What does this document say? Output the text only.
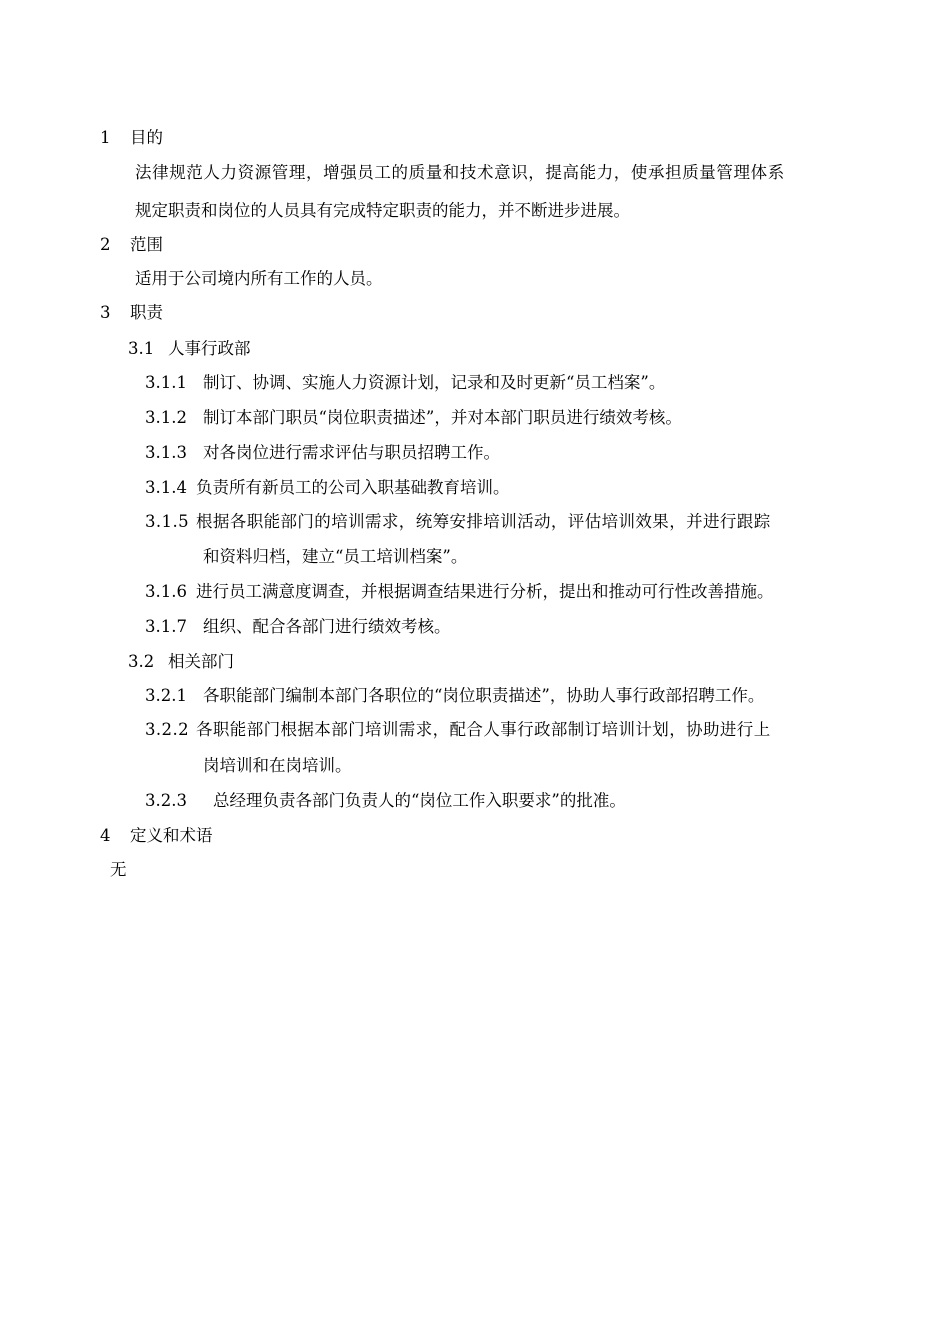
1 目的
法律规范人力资源管理，增强员工的质量和技术意识，提高能力，使承担质量管理体系
规定职责和岗位的人员具有完成特定职责的能力，并不断进步进展。
2 范围
适用于公司境内所有工作的人员。
3 职责
3.1 人事行政部
3.1.1 制订、协调、实施人力资源计划，记录和及时更新“员工档案”。
3.1.2 制订本部门职员“岗位职责描述”，并对本部门职员进行绩效考核。
3.1.3 对各岗位进行需求评估与职员招聘工作。
3.1.4 负责所有新员工的公司入职基础教育培训。
3.1.5 根据各职能部门的培训需求，统筹安排培训活动，评估培训效果，并进行跟踪
和资料归档，建立“员工培训档案”。
3.1.6 进行员工满意度调查，并根据调查结果进行分析，提出和推动可行性改善措施。
3.1.7 组织、配合各部门进行绩效考核。
3.2 相关部门
3.2.1 各职能部门编制本部门各职位的“岗位职责描述”，协助人事行政部招聘工作。
3.2.2 各职能部门根据本部门培训需求，配合人事行政部制订培训计划，协助进行上
岗培训和在岗培训。
3.2.3 总经理负责各部门负责人的“岗位工作入职要求”的批准。
4 定义和术语
无
